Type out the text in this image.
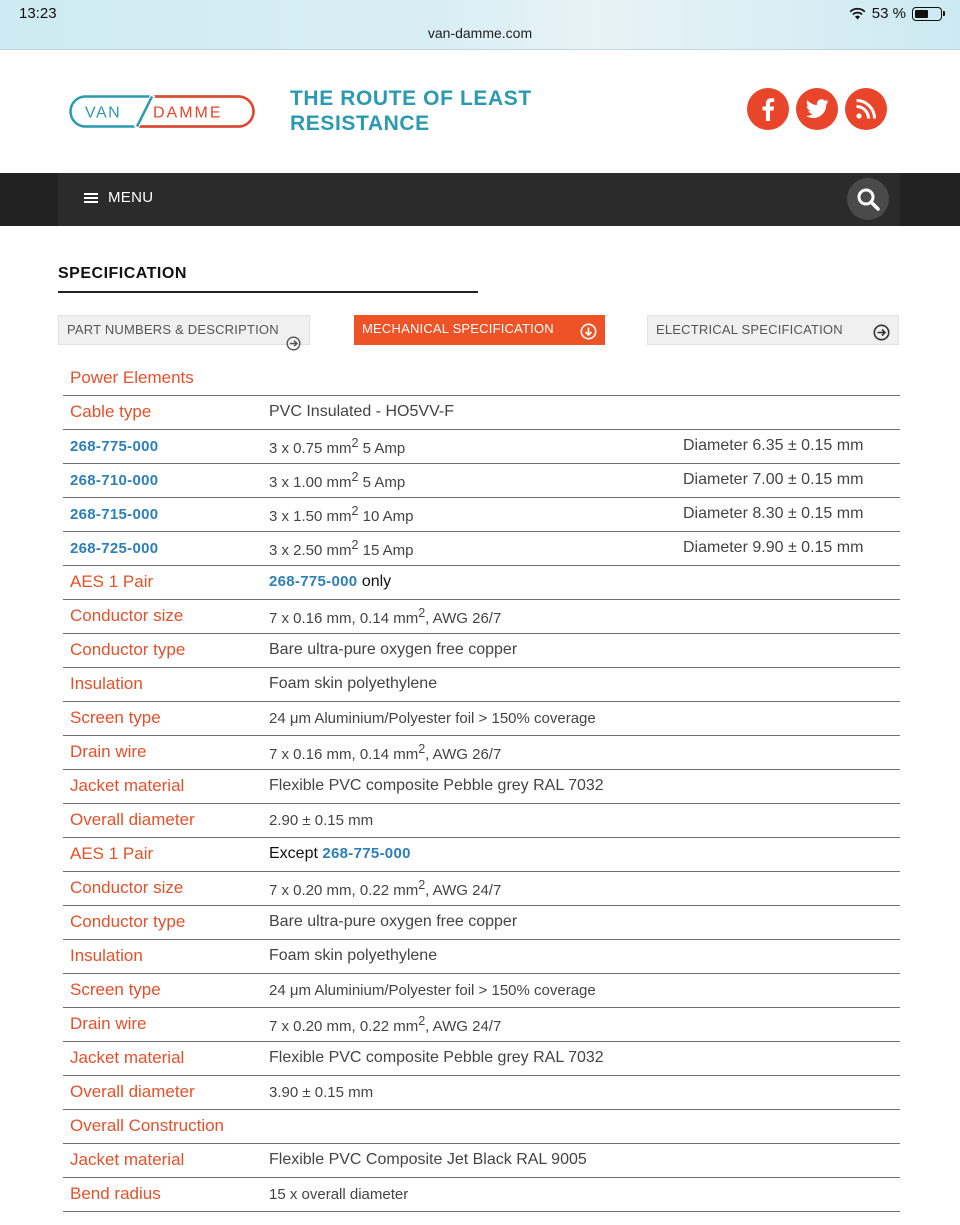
13:23
van-damme.com
53 %
VAN DAMME
THE ROUTE OF LEAST RESISTANCE
MENU
SPECIFICATION
PART NUMBERS & DESCRIPTION	MECHANICAL SPECIFICATION	ELECTRICAL SPECIFICATION
Power Elements		
Cable type	PVC Insulated - HO5VV-F	
268-775-000	3 x 0.75 $mm^2$ 5 Amp	Diameter 6.35 ± 0.15 mm
268-710-000	3 x 1.00 $mm^2$ 5 Amp	Diameter 7.00 ± 0.15 mm
268-715-000	3 x 1.50 $mm^2$ 10 Amp	Diameter 8.30 ± 0.15 mm
268-725-000	3 x 2.50 $mm^2$ 15 Amp	Diameter 9.90 ± 0.15 mm
AES 1 Pair	268-775-000 only	
Conductor size	7 x 0.16 mm, 0.14 $mm^2$, AWG 26/7	
Conductor type	Bare ultra-pure oxygen free copper	
Insulation	Foam skin polyethylene	
Screen type	24 μm Aluminium/Polyester foil > 150% coverage	
Drain wire	7 x 0.16 mm, 0.14 $mm^2$, AWG 26/7	
Jacket material	Flexible PVC composite Pebble grey RAL 7032	
Overall diameter	2.90 ± 0.15 mm	
AES 1 Pair	Except 268-775-000	
Conductor size	7 x 0.20 mm, 0.22 $mm^2$, AWG 24/7	
Conductor type	Bare ultra-pure oxygen free copper	
Insulation	Foam skin polyethylene	
Screen type	24 μm Aluminium/Polyester foil > 150% coverage	
Drain wire	7 x 0.20 mm, 0.22 $mm^2$, AWG 24/7	
Jacket material	Flexible PVC composite Pebble grey RAL 7032	
Overall diameter	3.90 ± 0.15 mm	
Overall Construction		
Jacket material	Flexible PVC Composite Jet Black RAL 9005	
Bend radius	15 x overall diameter	
